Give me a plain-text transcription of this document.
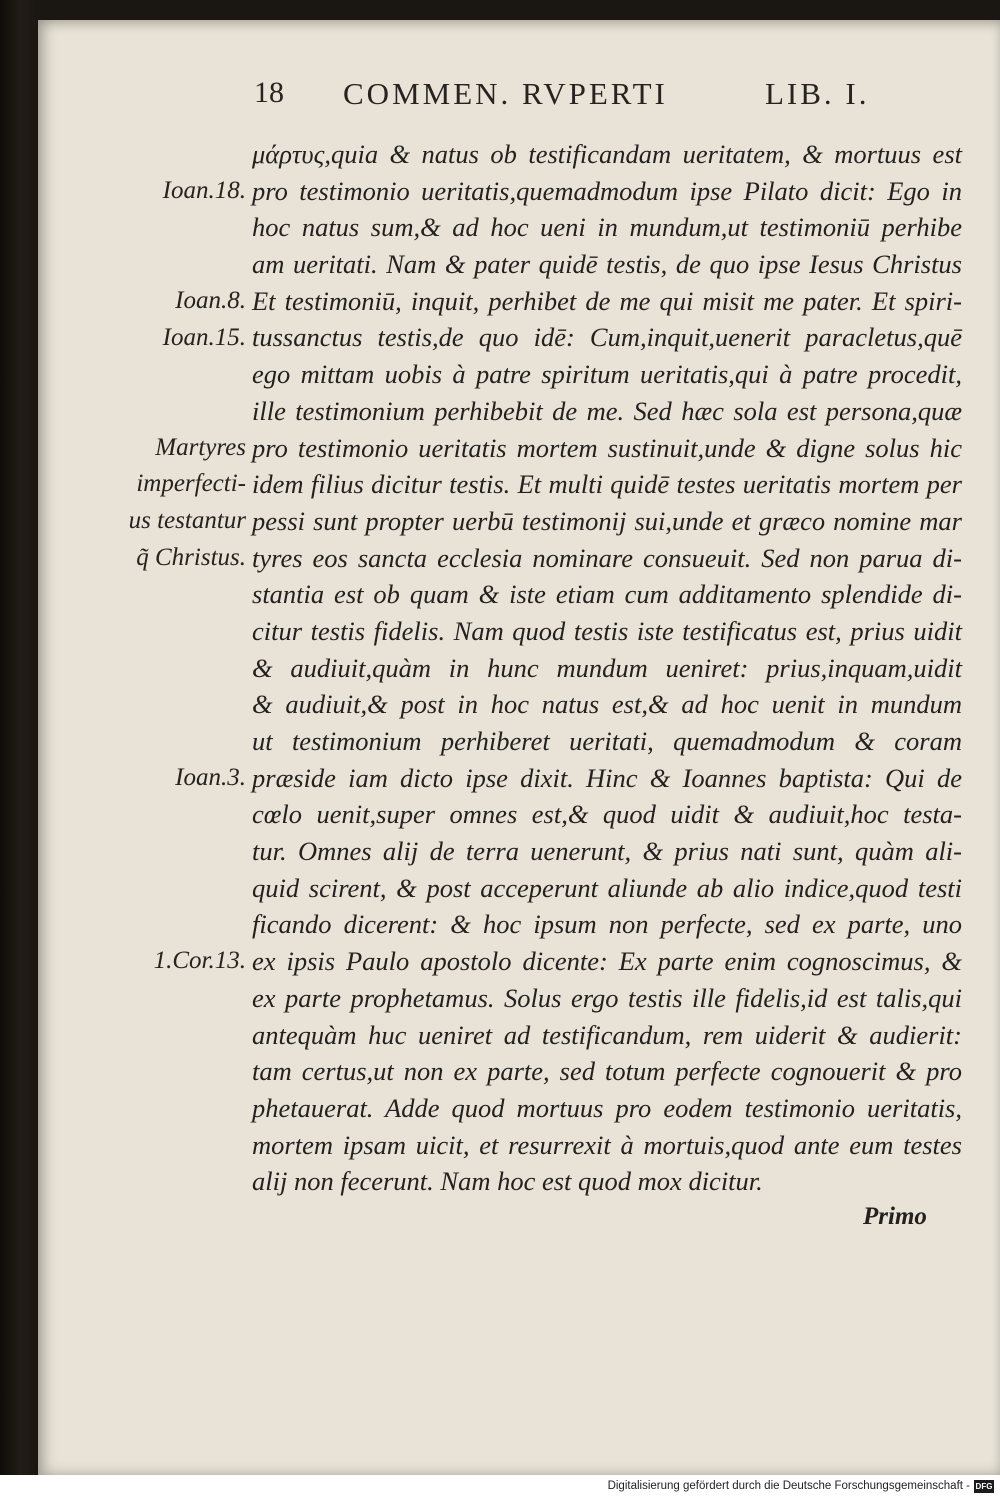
18 COMMEN. RVPERTI	LIB. I.
Ioan.18.
Ioan.8.
Ioan.15.
Martyres
imperfecti-
us testantur
q̃ Christus.
Ioan.3.
1.Cor.13.
μάρτυς,quia & natus ob testificandam ueritatem, & mortuus est
pro testimonio ueritatis,quemadmodum ipse Pilato dicit: Ego in
hoc natus sum,& ad hoc ueni in mundum,ut testimoniū perhibe
am ueritati. Nam & pater quidē testis, de quo ipse Iesus Christus
Et testimoniū, inquit, perhibet de me qui misit me pater. Et spiri-
tussanctus testis,de quo idē: Cum,inquit,uenerit paracletus,quē
ego mittam uobis à patre spiritum ueritatis,qui à patre procedit,
ille testimonium perhibebit de me. Sed hæc sola est persona,quæ
pro testimonio ueritatis mortem sustinuit,unde & digne solus hic
idem filius dicitur testis. Et multi quidē testes ueritatis mortem per
pessi sunt propter uerbū testimonij sui,unde et græco nomine mar
tyres eos sancta ecclesia nominare consueuit. Sed non parua di-
stantia est ob quam & iste etiam cum additamento splendide di-
citur testis fidelis. Nam quod testis iste testificatus est, prius uidit
& audiuit,quàm in hunc mundum ueniret: prius,inquam,uidit
& audiuit,& post in hoc natus est,& ad hoc uenit in mundum
ut testimonium perhiberet ueritati, quemadmodum & coram
præside iam dicto ipse dixit. Hinc & Ioannes baptista: Qui de
cœlo uenit,super omnes est,& quod uidit & audiuit,hoc testa-
tur. Omnes alij de terra uenerunt, & prius nati sunt, quàm ali-
quid scirent, & post acceperunt aliunde ab alio indice,quod testi
ficando dicerent: & hoc ipsum non perfecte, sed ex parte, uno
ex ipsis Paulo apostolo dicente: Ex parte enim cognoscimus, &
ex parte prophetamus. Solus ergo testis ille fidelis,id est talis,qui
antequàm huc ueniret ad testificandum, rem uiderit & audierit:
tam certus,ut non ex parte, sed totum perfecte cognouerit & pro
phetauerat. Adde quod mortuus pro eodem testimonio ueritatis,
mortem ipsam uicit, et resurrexit à mortuis,quod ante eum testes
alij non fecerunt. Nam hoc est quod mox dicitur.
Primo
Digitalisierung gefördert durch die Deutsche Forschungsgemeinschaft - DFG
